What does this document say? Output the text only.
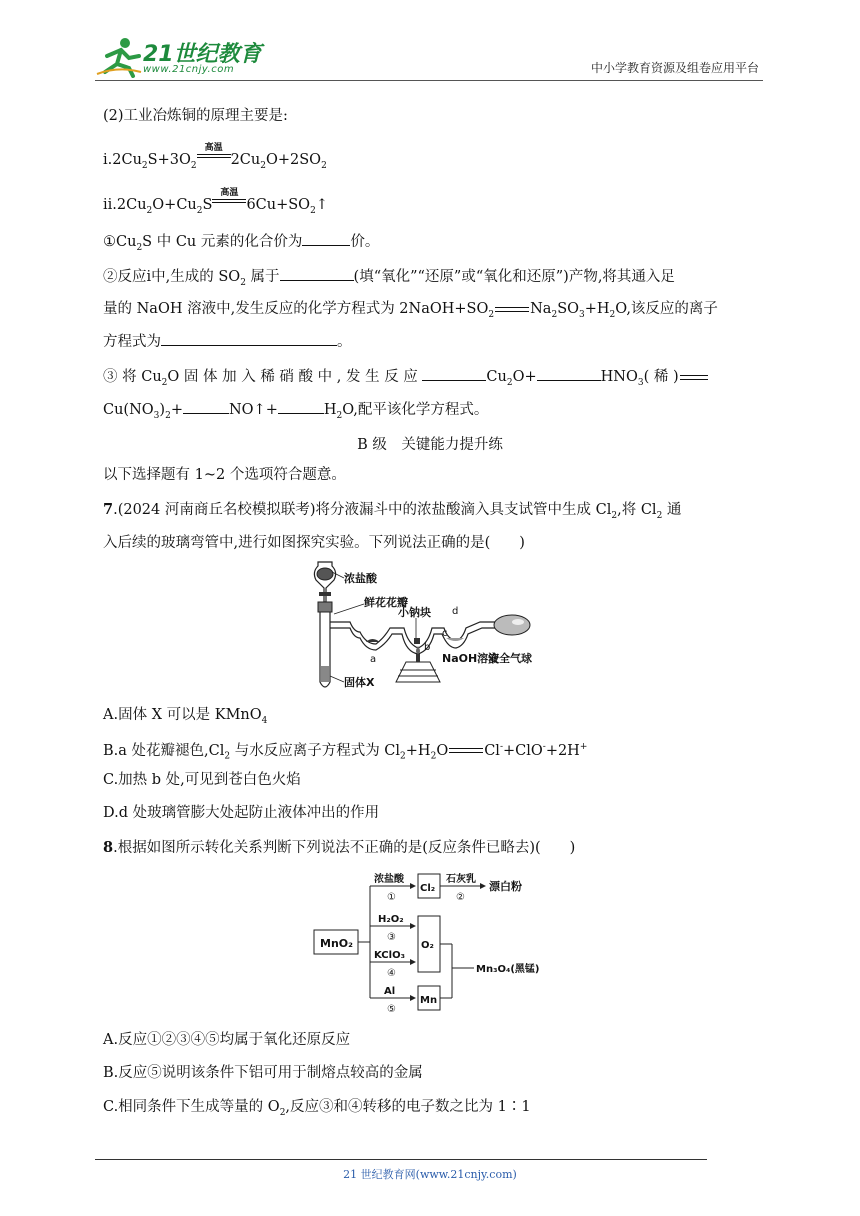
21世纪教育
www.21cnjy.com	中小学教育资源及组卷应用平台
(2)工业冶炼铜的原理主要是:
$ⅰ.2Cu_2S+3O_2$
高温
$2Cu_2O+2SO_2$
$ⅱ.2Cu_2O+Cu_2S$
高温
$6Cu+SO_2↑$
$①Cu_2S$ 中 Cu 元素的化合价为	价。
②反应ⅰ中,生成的 $SO_2$ 属于	(填“氧化”“还原”或“氧化和还原”)产物,将其通入足
量的 NaOH 溶液中,发生反应的化学方程式为 $2NaOH+SO_2$ $Na_2SO_3+H_2O$,该反应的离子
方程式为	。
③ 将 $Cu_2O$ 固 体 加 入 稀 硝 酸 中 , 发 生 反 应	$Cu_2O+$	$HNO_3$( 稀 )
$Cu(NO_3)_2+$	NO↑+	$H_2O$,配平该化学方程式。
B 级　关键能力提升练
以下选择题有 1~2 个选项符合题意。
7.(2024 河南商丘名校模拟联考)将分液漏斗中的浓盐酸滴入具支试管中生成 $Cl_2$,将 $Cl_2$ 通
入后续的玻璃弯管中,进行如图探究实验。下列说法正确的是(　　)
浓盐酸
鲜花花瓣
小钠块
a
b
c
d
NaOH溶液
安全气球
固体X
A.固体 X 可以是 KMnO$_4$
B.a 处花瓣褪色$,Cl_2$ 与水反应离子方程式为 $Cl_2+H_2O$ Cl-+ClO-+2H+
C.加热 b 处,可见到苍白色火焰
D.d 处玻璃管膨大处起防止液体冲出的作用
8.根据如图所示转化关系判断下列说法不正确的是(反应条件已略去)(　　)
MnO₂
浓盐酸
①
Cl₂
石灰乳
②
漂白粉
H₂O₂
③
KClO₃
④
O₂
Al
⑤
Mn
Mn₃O₄(黑锰)
A.反应①②③④⑤均属于氧化还原反应
B.反应⑤说明该条件下铝可用于制熔点较高的金属
C.相同条件下生成等量的 $O_2$,反应③和④转移的电子数之比为 1∶1
21 世纪教育网(www.21cnjy.com)
